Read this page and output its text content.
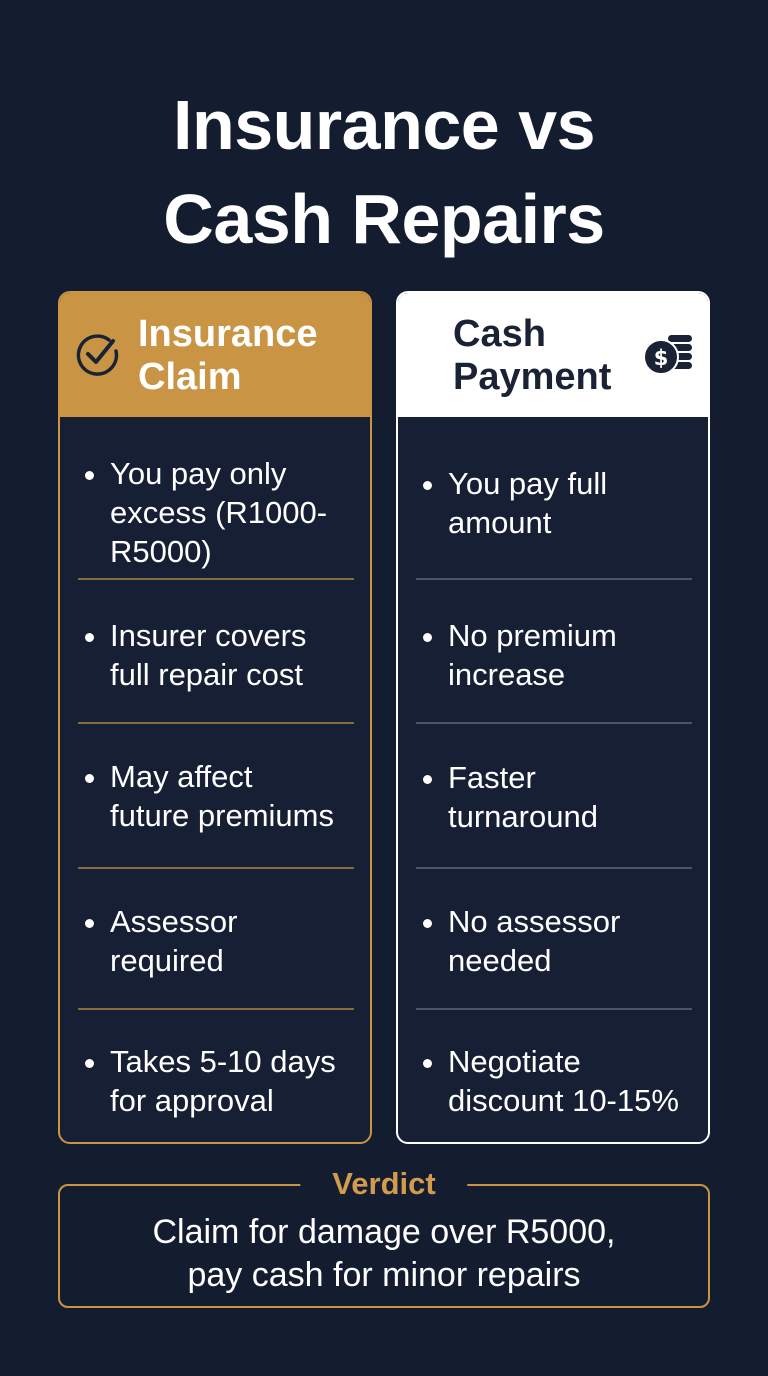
Insurance vs
Cash Repairs
Insurance
Claim
You pay only
excess (R1000-
R5000)
Insurer covers
full repair cost
May affect
future premiums
Assessor
required
Takes 5-10 days
for approval
Cash
Payment $
You pay full
amount
No premium
increase
Faster
turnaround
No assessor
needed
Negotiate
discount 10-15%
Verdict
Claim for damage over R5000,
pay cash for minor repairs
